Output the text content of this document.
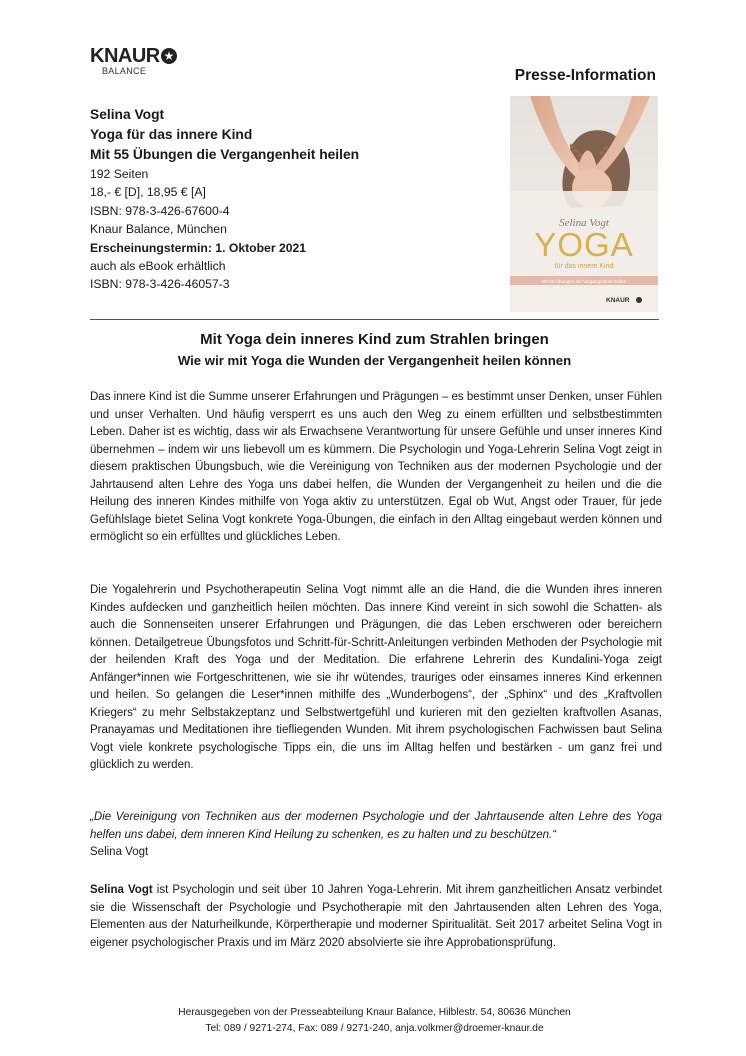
KNAUR ★
BALANCE	Presse-Information
Selina Vogt
Yoga für das innere Kind
Mit 55 Übungen die Vergangenheit heilen
192 Seiten
18,- € [D], 18,95 € [A]
ISBN: 978-3-426-67600-4
Knaur Balance, München
Erscheinungstermin: 1. Oktober 2021
auch als eBook erhältlich
ISBN: 978-3-426-46057-3
Selina Vogt
YOGA
für das innere Kind
Mit 55 Übungen die Vergangenheit heilen
KNAUR
Mit Yoga dein inneres Kind zum Strahlen bringen
Wie wir mit Yoga die Wunden der Vergangenheit heilen können
Das innere Kind ist die Summe unserer Erfahrungen und Prägungen – es bestimmt unser Denken, unser Fühlen und unser Verhalten. Und häufig versperrt es uns auch den Weg zu einem erfüllten und selbstbestimmten Leben. Daher ist es wichtig, dass wir als Erwachsene Verantwortung für unsere Gefühle und unser inneres Kind übernehmen – indem wir uns liebevoll um es kümmern. Die Psychologin und Yoga-Lehrerin Selina Vogt zeigt in diesem praktischen Übungsbuch, wie die Vereinigung von Techniken aus der modernen Psychologie und der Jahrtausend alten Lehre des Yoga uns dabei helfen, die Wunden der Vergangenheit zu heilen und die die Heilung des inneren Kindes mithilfe von Yoga aktiv zu unterstützen. Egal ob Wut, Angst oder Trauer, für jede Gefühlslage bietet Selina Vogt konkrete Yoga-Übungen, die einfach in den Alltag eingebaut werden können und ermöglicht so ein erfülltes und glückliches Leben.
Die Yogalehrerin und Psychotherapeutin Selina Vogt nimmt alle an die Hand, die die Wunden ihres inneren Kindes aufdecken und ganzheitlich heilen möchten. Das innere Kind vereint in sich sowohl die Schatten- als auch die Sonnenseiten unserer Erfahrungen und Prägungen, die das Leben erschweren oder bereichern können. Detailgetreue Übungsfotos und Schritt-für-Schritt-Anleitungen verbinden Methoden der Psychologie mit der heilenden Kraft des Yoga und der Meditation. Die erfahrene Lehrerin des Kundalini-Yoga zeigt Anfänger*innen wie Fortgeschrittenen, wie sie ihr wütendes, trauriges oder einsames inneres Kind erkennen und heilen. So gelangen die Leser*innen mithilfe des „Wunderbogens“, der „Sphinx“ und des „Kraftvollen Kriegers“ zu mehr Selbstakzeptanz und Selbstwertgefühl und kurieren mit den gezielten kraftvollen Asanas, Pranayamas und Meditationen ihre tiefliegenden Wunden. Mit ihrem psychologischen Fachwissen baut Selina Vogt viele konkrete psychologische Tipps ein, die uns im Alltag helfen und bestärken - um ganz frei und glücklich zu werden.
„Die Vereinigung von Techniken aus der modernen Psychologie und der Jahrtausende alten Lehre des Yoga helfen uns dabei, dem inneren Kind Heilung zu schenken, es zu halten und zu beschützen.“
Selina Vogt
Selina Vogt ist Psychologin und seit über 10 Jahren Yoga-Lehrerin. Mit ihrem ganzheitlichen Ansatz verbindet sie die Wissenschaft der Psychologie und Psychotherapie mit den Jahrtausenden alten Lehren des Yoga, Elementen aus der Naturheilkunde, Körpertherapie und moderner Spiritualität. Seit 2017 arbeitet Selina Vogt in eigener psychologischer Praxis und im März 2020 absolvierte sie ihre Approbationsprüfung.
Herausgegeben von der Presseabteilung Knaur Balance, Hilblestr. 54, 80636 München
Tel: 089 / 9271-274, Fax: 089 / 9271-240, anja.volkmer@droemer-knaur.de
